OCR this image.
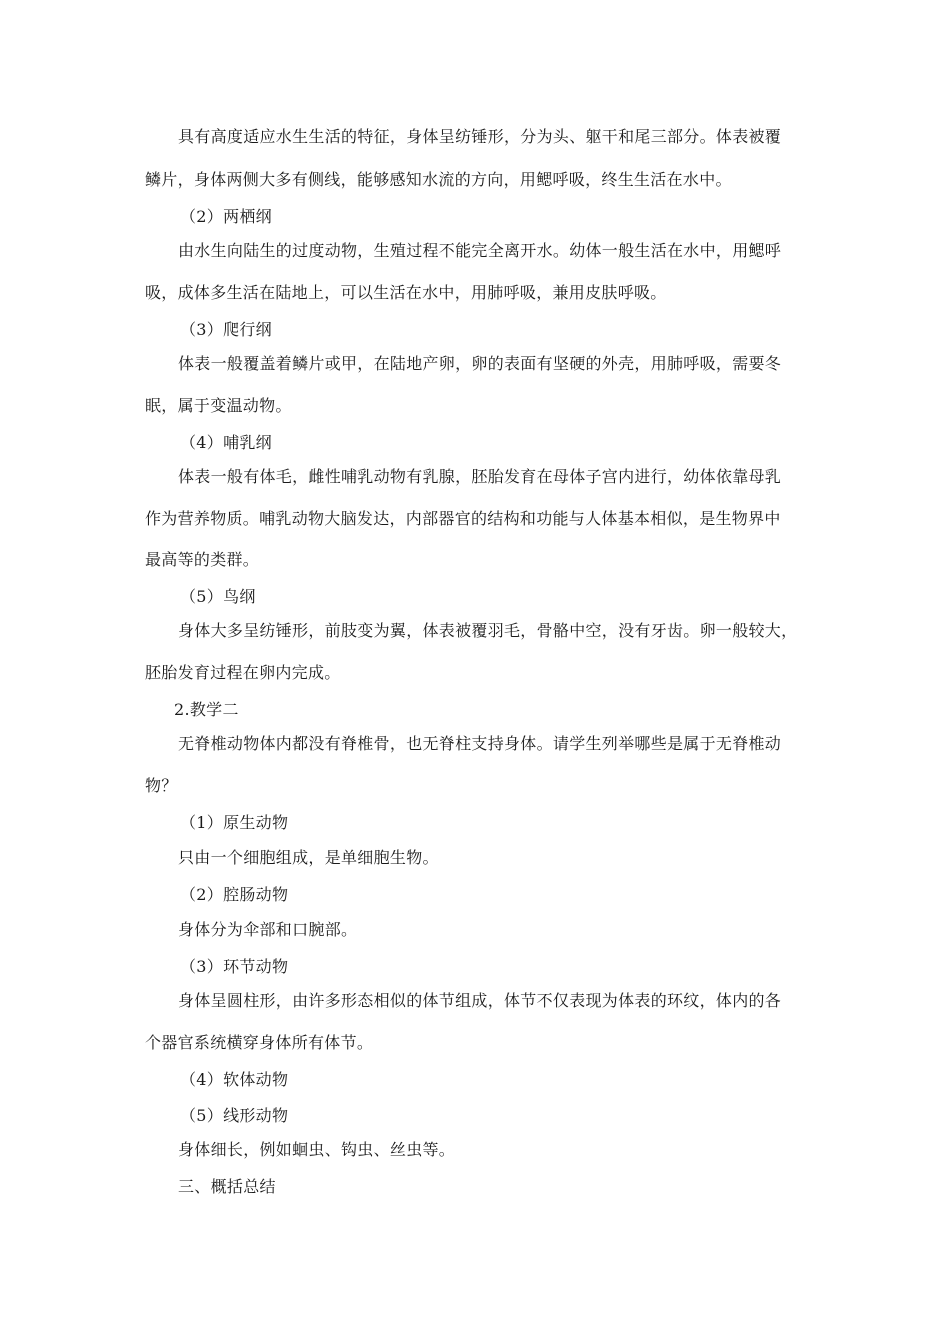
具有高度适应水生生活的特征，身体呈纺锤形，分为头、躯干和尾三部分。体表被覆
鳞片，身体两侧大多有侧线，能够感知水流的方向，用鳃呼吸，终生生活在水中。
（2）两栖纲
由水生向陆生的过度动物，生殖过程不能完全离开水。幼体一般生活在水中，用鳃呼
吸，成体多生活在陆地上，可以生活在水中，用肺呼吸，兼用皮肤呼吸。
（3）爬行纲
体表一般覆盖着鳞片或甲，在陆地产卵，卵的表面有坚硬的外壳，用肺呼吸，需要冬
眠，属于变温动物。
（4）哺乳纲
体表一般有体毛，雌性哺乳动物有乳腺，胚胎发育在母体子宫内进行，幼体依靠母乳
作为营养物质。哺乳动物大脑发达，内部器官的结构和功能与人体基本相似，是生物界中
最高等的类群。
（5）鸟纲
身体大多呈纺锤形，前肢变为翼，体表被覆羽毛，骨骼中空，没有牙齿。卵一般较大，
胚胎发育过程在卵内完成。
2.教学二
无脊椎动物体内都没有脊椎骨，也无脊柱支持身体。请学生列举哪些是属于无脊椎动
物？
（1）原生动物
只由一个细胞组成，是单细胞生物。
（2）腔肠动物
身体分为伞部和口腕部。
（3）环节动物
身体呈圆柱形，由许多形态相似的体节组成，体节不仅表现为体表的环纹，体内的各
个器官系统横穿身体所有体节。
（4）软体动物
（5）线形动物
身体细长，例如蛔虫、钩虫、丝虫等。
三、概括总结
